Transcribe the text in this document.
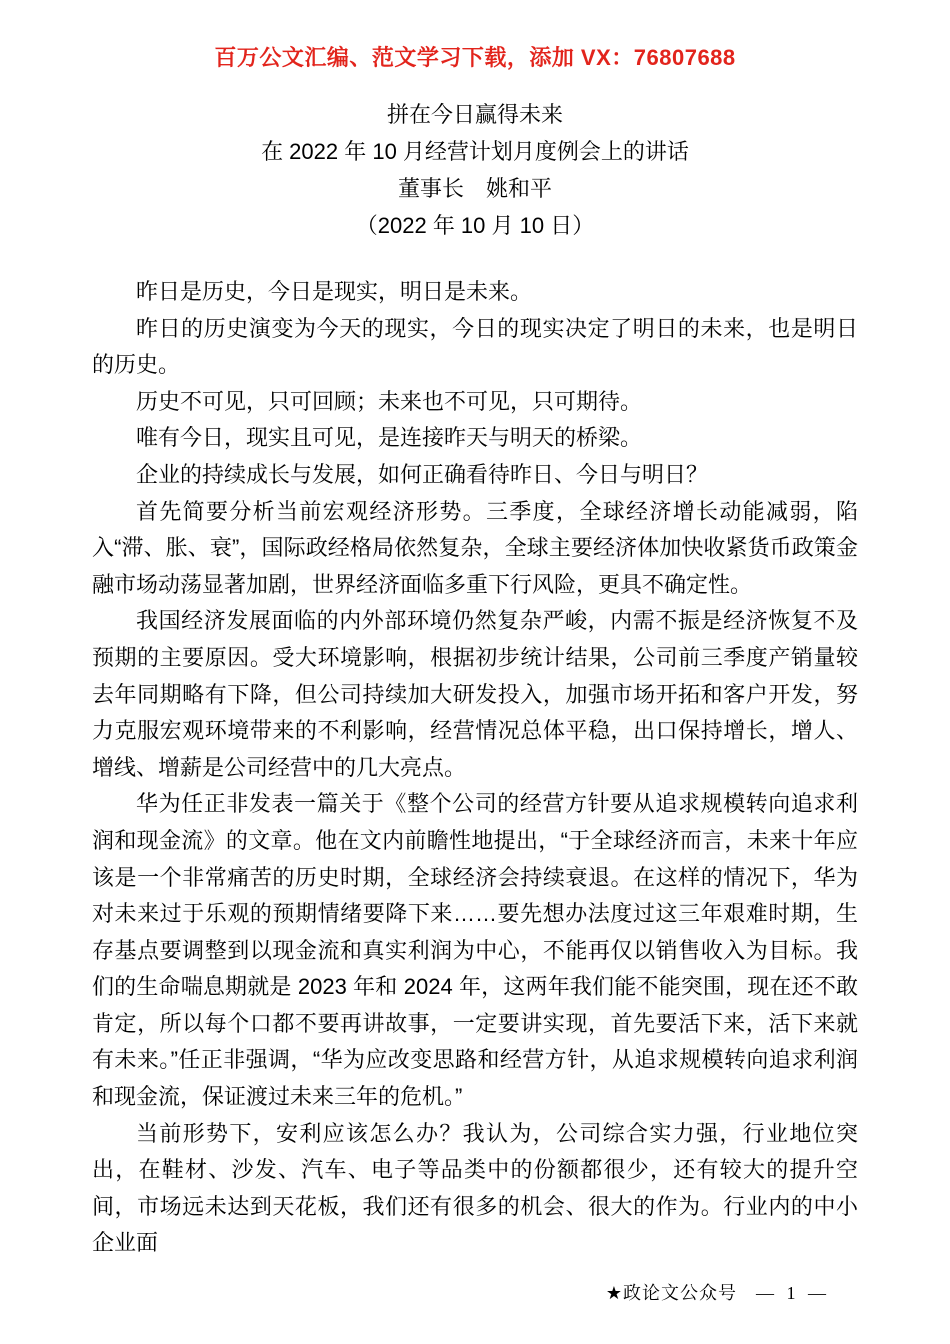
百万公文汇编、范文学习下载，添加 VX：76807688
拼在今日赢得未来
在 2022 年 10 月经营计划月度例会上的讲话
董事长　姚和平
（2022 年 10 月 10 日）

昨日是历史，今日是现实，明日是未来。

昨日的历史演变为今天的现实，今日的现实决定了明日的未来，也是明日的历史。

历史不可见，只可回顾；未来也不可见，只可期待。

唯有今日，现实且可见，是连接昨天与明天的桥梁。

企业的持续成长与发展，如何正确看待昨日、今日与明日？

首先简要分析当前宏观经济形势。三季度，全球经济增长动能减弱，陷入“滞、胀、衰”，国际政经格局依然复杂，全球主要经济体加快收紧货币政策金融市场动荡显著加剧，世界经济面临多重下行风险，更具不确定性。

我国经济发展面临的内外部环境仍然复杂严峻，内需不振是经济恢复不及预期的主要原因。受大环境影响，根据初步统计结果，公司前三季度产销量较去年同期略有下降，但公司持续加大研发投入，加强市场开拓和客户开发，努力克服宏观环境带来的不利影响，经营情况总体平稳，出口保持增长，增人、增线、增薪是公司经营中的几大亮点。

华为任正非发表一篇关于《整个公司的经营方针要从追求规模转向追求利润和现金流》的文章。他在文内前瞻性地提出，“于全球经济而言，未来十年应该是一个非常痛苦的历史时期，全球经济会持续衰退。在这样的情况下，华为对未来过于乐观的预期情绪要降下来……要先想办法度过这三年艰难时期，生存基点要调整到以现金流和真实利润为中心，不能再仅以销售收入为目标。我们的生命喘息期就是 2023 年和 2024 年，这两年我们能不能突围，现在还不敢肯定，所以每个口都不要再讲故事，一定要讲实现，首先要活下来，活下来就有未来。”任正非强调，“华为应改变思路和经营方针，从追求规模转向追求利润和现金流，保证渡过未来三年的危机。”

当前形势下，安利应该怎么办？我认为，公司综合实力强，行业地位突出，在鞋材、沙发、汽车、电子等品类中的份额都很少，还有较大的提升空间，市场远未达到天花板，我们还有很多的机会、很大的作为。行业内的中小企业面

★政论文公众号 — 1 —
